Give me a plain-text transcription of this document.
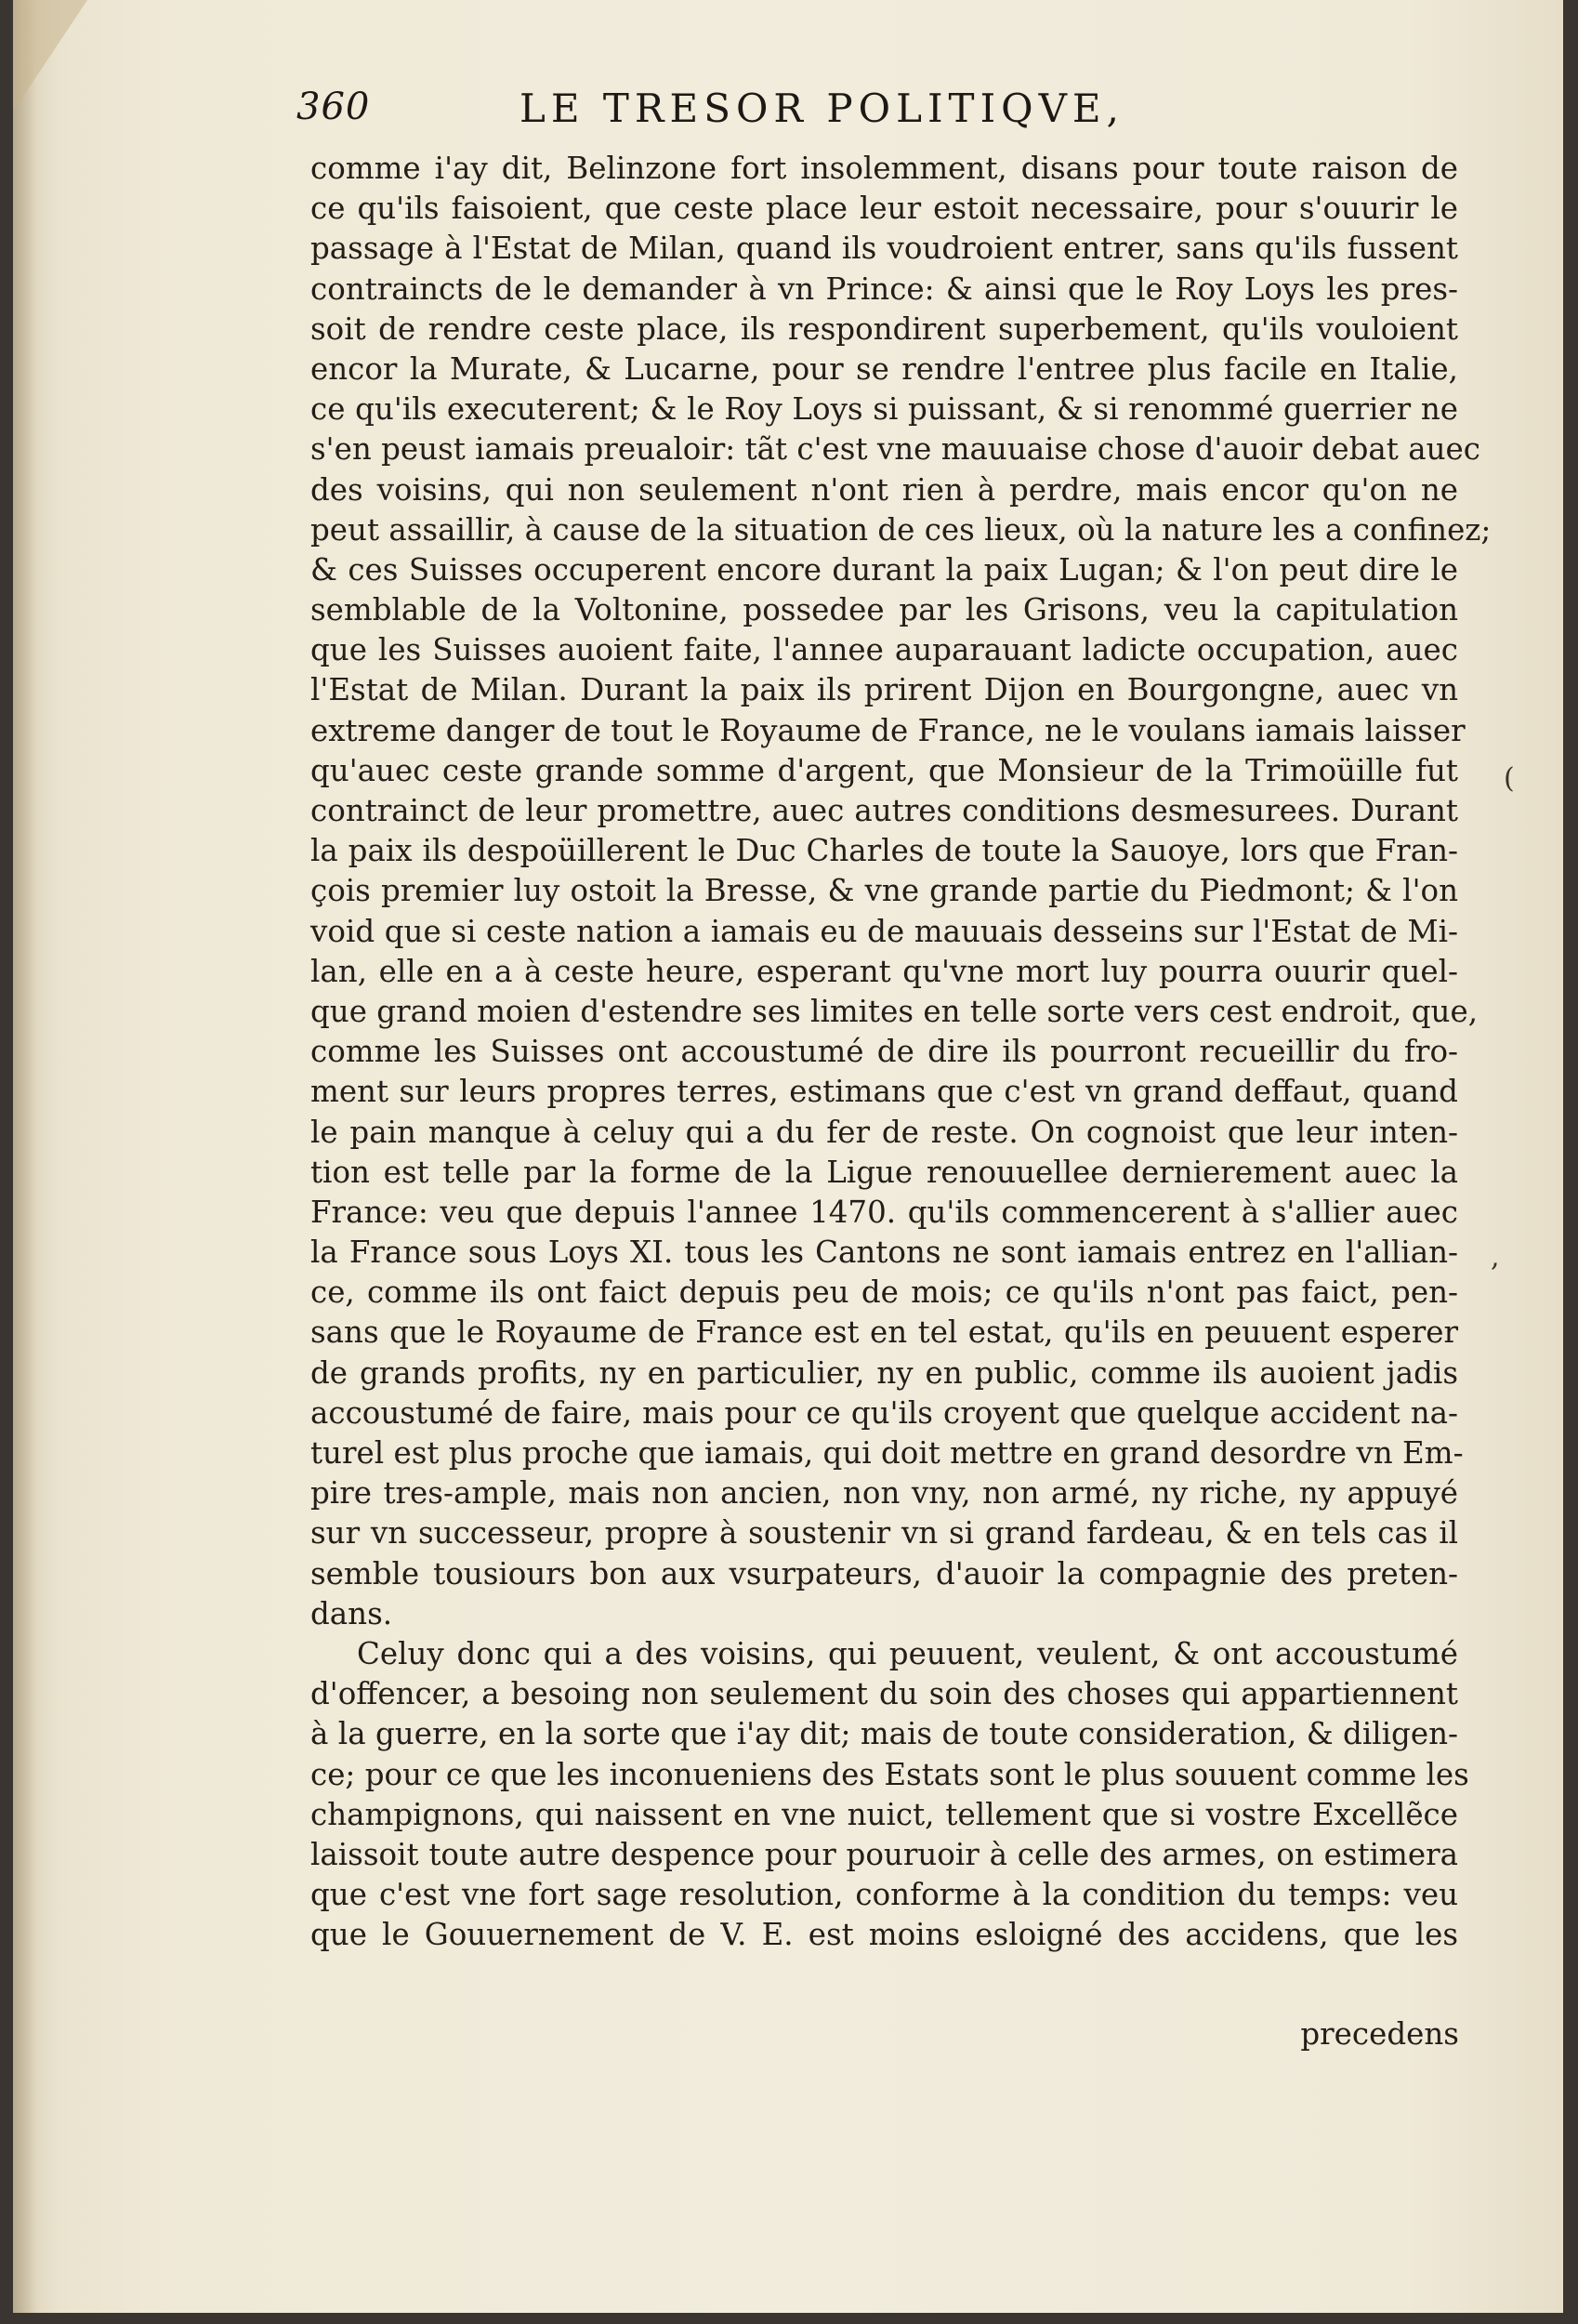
360	LE TRESOR POLITIQVE,
comme i'ay dit, Belinzone fort insolemment, disans pour toute raison de
ce qu'ils faisoient, que ceste place leur estoit necessaire, pour s'ouurir le
passage à l'Estat de Milan, quand ils voudroient entrer, sans qu'ils fussent
contraincts de le demander à vn Prince: & ainsi que le Roy Loys les pres-
soit de rendre ceste place, ils respondirent superbement, qu'ils vouloient
encor la Murate, & Lucarne, pour se rendre l'entree plus facile en Italie,
ce qu'ils executerent; & le Roy Loys si puissant, & si renommé guerrier ne
s'en peust iamais preualoir: tãt c'est vne mauuaise chose d'auoir debat auec
des voisins, qui non seulement n'ont rien à perdre, mais encor qu'on ne
peut assaillir, à cause de la situation de ces lieux, où la nature les a confinez;
& ces Suisses occuperent encore durant la paix Lugan; & l'on peut dire le
semblable de la Voltonine, possedee par les Grisons, veu la capitulation
que les Suisses auoient faite, l'annee auparauant ladicte occupation, auec
l'Estat de Milan. Durant la paix ils prirent Dijon en Bourgongne, auec vn
extreme danger de tout le Royaume de France, ne le voulans iamais laisser
qu'auec ceste grande somme d'argent, que Monsieur de la Trimoüille fut
contrainct de leur promettre, auec autres conditions desmesurees. Durant
la paix ils despoüillerent le Duc Charles de toute la Sauoye, lors que Fran-
çois premier luy ostoit la Bresse, & vne grande partie du Piedmont; & l'on
void que si ceste nation a iamais eu de mauuais desseins sur l'Estat de Mi-
lan, elle en a à ceste heure, esperant qu'vne mort luy pourra ouurir quel-
que grand moien d'estendre ses limites en telle sorte vers cest endroit, que,
comme les Suisses ont accoustumé de dire ils pourront recueillir du fro-
ment sur leurs propres terres, estimans que c'est vn grand deffaut, quand
le pain manque à celuy qui a du fer de reste. On cognoist que leur inten-
tion est telle par la forme de la Ligue renouuellee dernierement auec la
France: veu que depuis l'annee 1470. qu'ils commencerent à s'allier auec
la France sous Loys XI. tous les Cantons ne sont iamais entrez en l'allian-
ce, comme ils ont faict depuis peu de mois; ce qu'ils n'ont pas faict, pen-
sans que le Royaume de France est en tel estat, qu'ils en peuuent esperer
de grands profits, ny en particulier, ny en public, comme ils auoient jadis
accoustumé de faire, mais pour ce qu'ils croyent que quelque accident na-
turel est plus proche que iamais, qui doit mettre en grand desordre vn Em-
pire tres-ample, mais non ancien, non vny, non armé, ny riche, ny appuyé
sur vn successeur, propre à soustenir vn si grand fardeau, & en tels cas il
semble tousiours bon aux vsurpateurs, d'auoir la compagnie des preten-
dans.
Celuy donc qui a des voisins, qui peuuent, veulent, & ont accoustumé
d'offencer, a besoing non seulement du soin des choses qui appartiennent
à la guerre, en la sorte que i'ay dit; mais de toute consideration, & diligen-
ce; pour ce que les inconueniens des Estats sont le plus souuent comme les
champignons, qui naissent en vne nuict, tellement que si vostre Excellẽce
laissoit toute autre despence pour pouruoir à celle des armes, on estimera
que c'est vne fort sage resolution, conforme à la condition du temps: veu
que le Gouuernement de V. E. est moins esloigné des accidens, que les
precedens
(
,
